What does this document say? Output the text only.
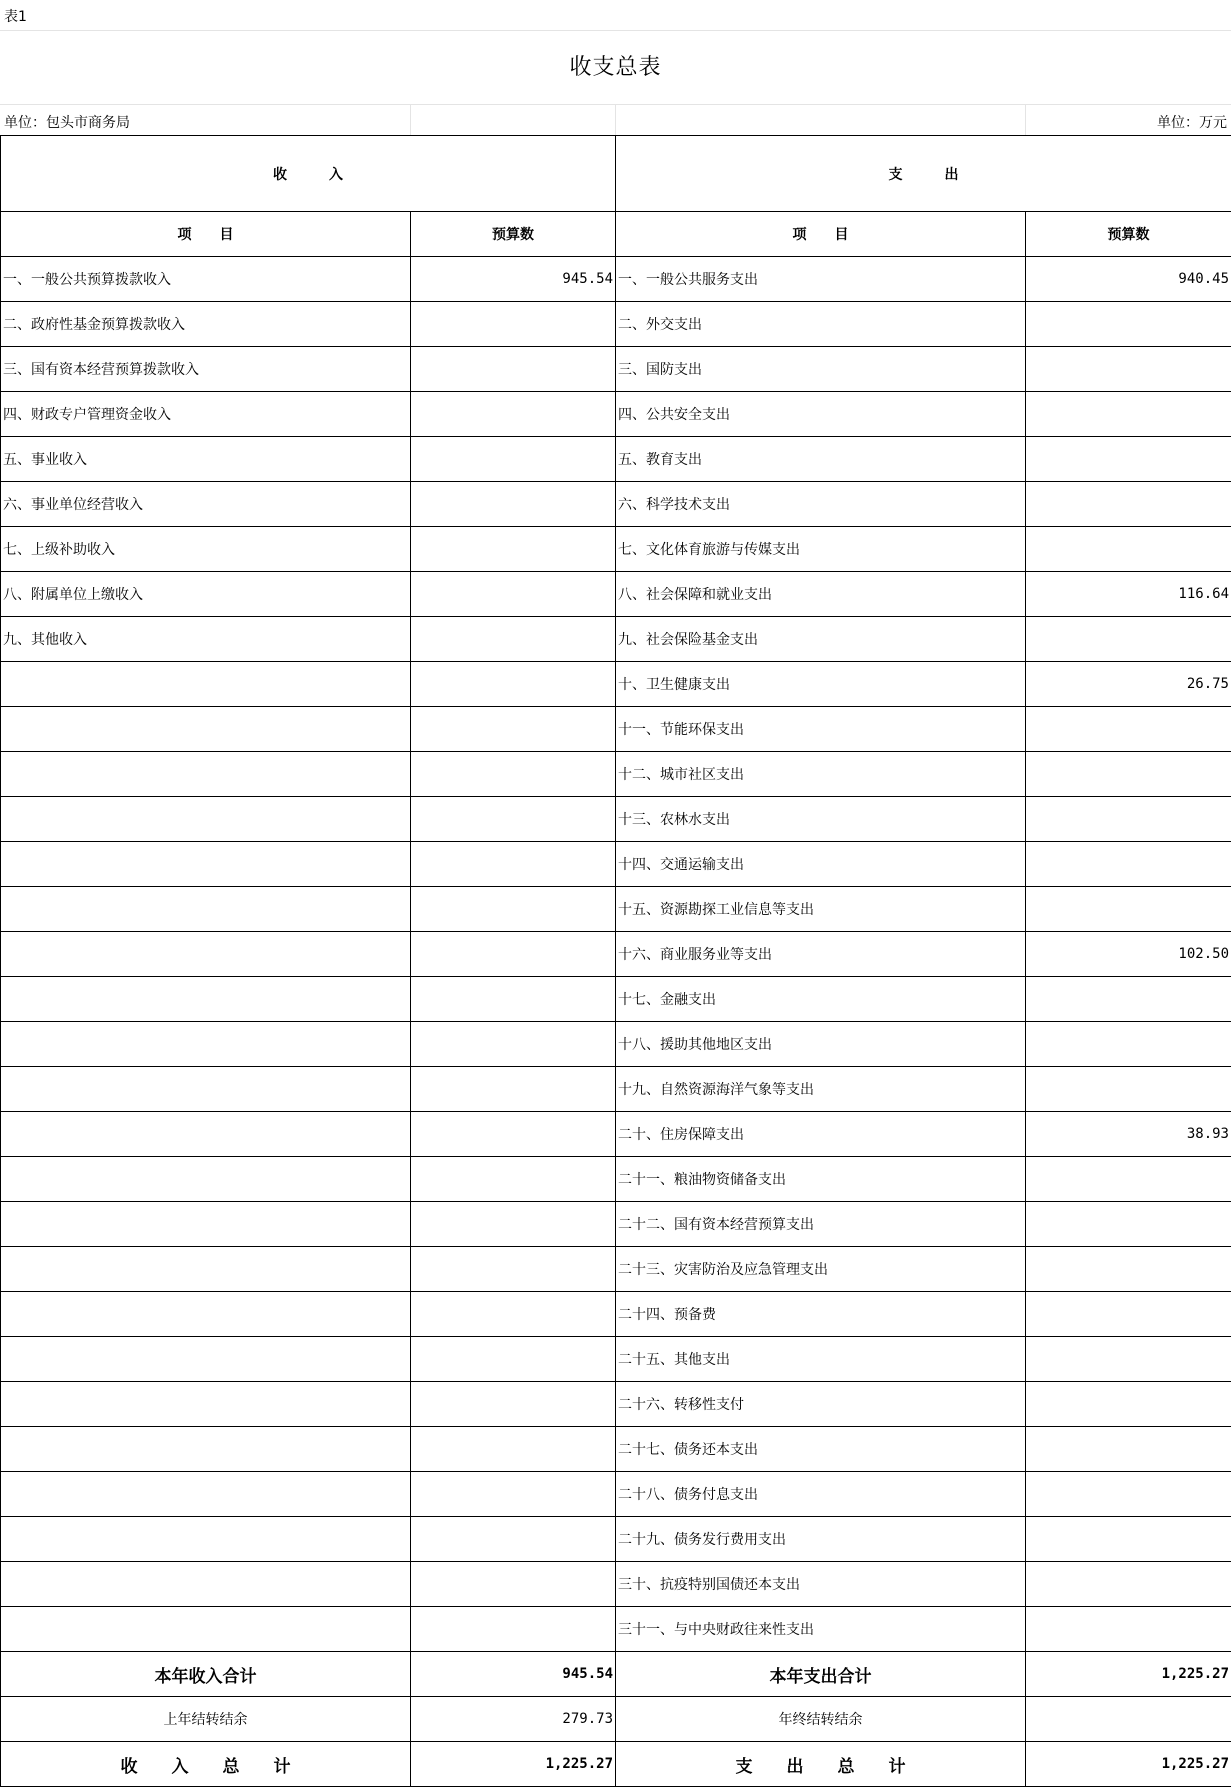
表1
收支总表
单位：包头市商务局	单位：万元
收　　　入		支　　　出	
项　　目	预算数	项　　目	预算数
一、一般公共预算拨款收入	945.54	一、一般公共服务支出	940.45
二、政府性基金预算拨款收入		二、外交支出	
三、国有资本经营预算拨款收入		三、国防支出	
四、财政专户管理资金收入		四、公共安全支出	
五、事业收入		五、教育支出	
六、事业单位经营收入		六、科学技术支出	
七、上级补助收入		七、文化体育旅游与传媒支出	
八、附属单位上缴收入		八、社会保障和就业支出	116.64
九、其他收入		九、社会保险基金支出	
		十、卫生健康支出	26.75
		十一、节能环保支出	
		十二、城市社区支出	
		十三、农林水支出	
		十四、交通运输支出	
		十五、资源勘探工业信息等支出	
		十六、商业服务业等支出	102.50
		十七、金融支出	
		十八、援助其他地区支出	
		十九、自然资源海洋气象等支出	
		二十、住房保障支出	38.93
		二十一、粮油物资储备支出	
		二十二、国有资本经营预算支出	
		二十三、灾害防治及应急管理支出	
		二十四、预备费	
		二十五、其他支出	
		二十六、转移性支付	
		二十七、债务还本支出	
		二十八、债务付息支出	
		二十九、债务发行费用支出	
		三十、抗疫特别国债还本支出	
		三十一、与中央财政往来性支出	
本年收入合计	945.54	本年支出合计	1,225.27
上年结转结余	279.73	年终结转结余	
收　　入　　总　　计	1,225.27	支　　出　　总　　计	1,225.27
